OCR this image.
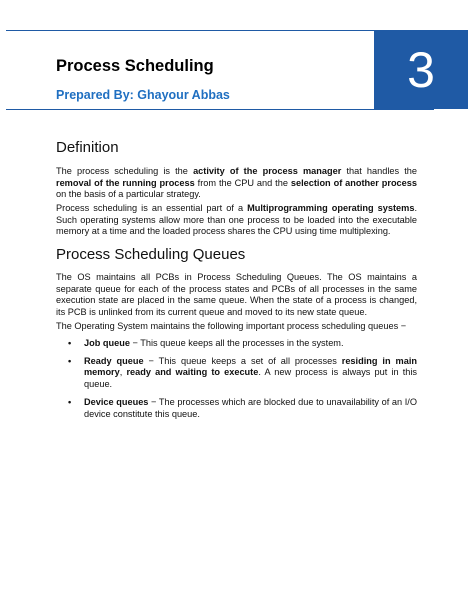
Process Scheduling
Prepared By: Ghayour Abbas	3
Definition
The process scheduling is the activity of the process manager that handles the removal of the running process from the CPU and the selection of another process on the basis of a particular strategy.
Process scheduling is an essential part of a Multiprogramming operating systems. Such operating systems allow more than one process to be loaded into the executable memory at a time and the loaded process shares the CPU using time multiplexing.
Process Scheduling Queues
The OS maintains all PCBs in Process Scheduling Queues. The OS maintains a separate queue for each of the process states and PCBs of all processes in the same execution state are placed in the same queue. When the state of a process is changed, its PCB is unlinked from its current queue and moved to its new state queue.
The Operating System maintains the following important process scheduling queues −
• Job queue − This queue keeps all the processes in the system.
• Ready queue − This queue keeps a set of all processes residing in main memory, ready and waiting to execute. A new process is always put in this queue.
• Device queues − The processes which are blocked due to unavailability of an I/O device constitute this queue.
